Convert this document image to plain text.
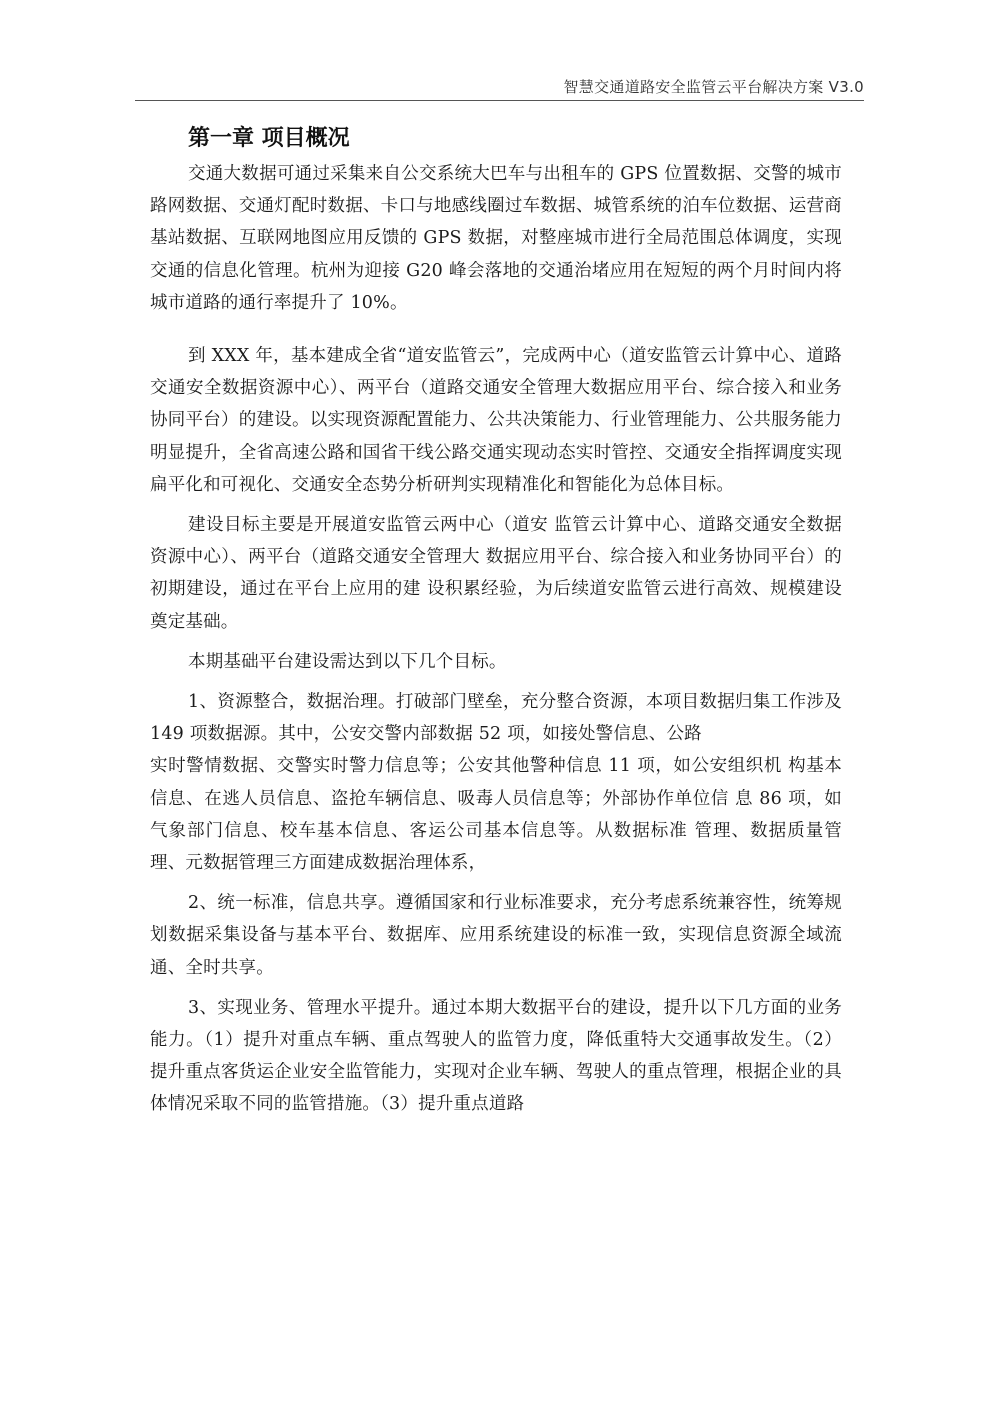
智慧交通道路安全监管云平台解决方案 V3.0
第一章 项目概况

交通大数据可通过采集来自公交系统大巴车与出租车的 GPS 位置数据、交警的城市路网数据、交通灯配时数据、卡口与地感线圈过车数据、城管系统的泊车位数据、运营商基站数据、互联网地图应用反馈的 GPS 数据，对整座城市进行全局范围总体调度，实现交通的信息化管理。杭州为迎接 G20 峰会落地的交通治堵应用在短短的两个月时间内将城市道路的通行率提升了 10%。

到 XXX 年，基本建成全省“道安监管云”，完成两中心（道安监管云计算中心、道路交通安全数据资源中心）、两平台（道路交通安全管理大数据应用平台、综合接入和业务协同平台）的建设。以实现资源配置能力、公共决策能力、行业管理能力、公共服务能力明显提升，全省高速公路和国省干线公路交通实现动态实时管控、交通安全指挥调度实现扁平化和可视化、交通安全态势分析研判实现精准化和智能化为总体目标。

建设目标主要是开展道安监管云两中心（道安 监管云计算中心、道路交通安全数据资源中心）、两平台（道路交通安全管理大 数据应用平台、综合接入和业务协同平台）的初期建设，通过在平台上应用的建 设积累经验，为后续道安监管云进行高效、规模建设奠定基础。

本期基础平台建设需达到以下几个目标。

1、资源整合，数据治理。打破部门壁垒，充分整合资源，本项目数据归集工作涉及 149 项数据源。其中，公安交警内部数据 52 项，如接处警信息、公路

实时警情数据、交警实时警力信息等；公安其他警种信息 11 项，如公安组织机 构基本信息、在逃人员信息、盗抢车辆信息、吸毒人员信息等；外部协作单位信 息 86 项，如气象部门信息、校车基本信息、客运公司基本信息等。从数据标准 管理、数据质量管理、元数据管理三方面建成数据治理体系，

2、统一标准，信息共享。遵循国家和行业标准要求，充分考虑系统兼容性，统筹规划数据采集设备与基本平台、数据库、应用系统建设的标准一致，实现信息资源全域流通、全时共享。

3、实现业务、管理水平提升。通过本期大数据平台的建设，提升以下几方面的业务能力。（1）提升对重点车辆、重点驾驶人的监管力度，降低重特大交通事故发生。（2）提升重点客货运企业安全监管能力，实现对企业车辆、驾驶人的重点管理，根据企业的具体情况采取不同的监管措施。（3）提升重点道路
